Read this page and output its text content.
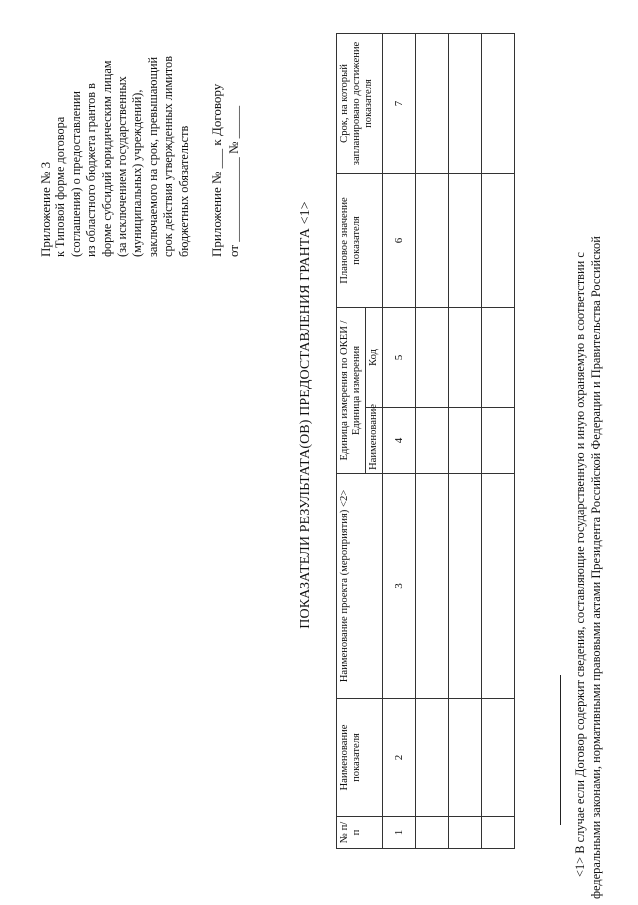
Приложение № 3 к Типовой форме договора (соглашения) о предоставлении из областного бюджета грантов в форме субсидий юридическим лицам (за исключением государственных (муниципальных) учреждений), заключаемого на срок, превышающий срок действия утвержденных лимитов бюджетных обязательств Приложение № ___ к Договору от _____________ № _____
ПОКАЗАТЕЛИ РЕЗУЛЬТАТА(ОВ) ПРЕДОСТАВЛЕНИЯ ГРАНТА <1>
№ п/п	Наименование показателя	Наименование проекта (мероприятия) <2>	Единица измерения по ОКЕИ / Единица измерения		Плановое значение показателя	Срок, на который запланировано достижение показателя
			Наименование	Код		
1	2	3	4	5	6	7

<1> В случае если Договор содержит сведения, составляющие государственную и иную охраняемую в соответствии с федеральными законами, нормативными правовыми актами Президента Российской Федерации и Правительства Российской
